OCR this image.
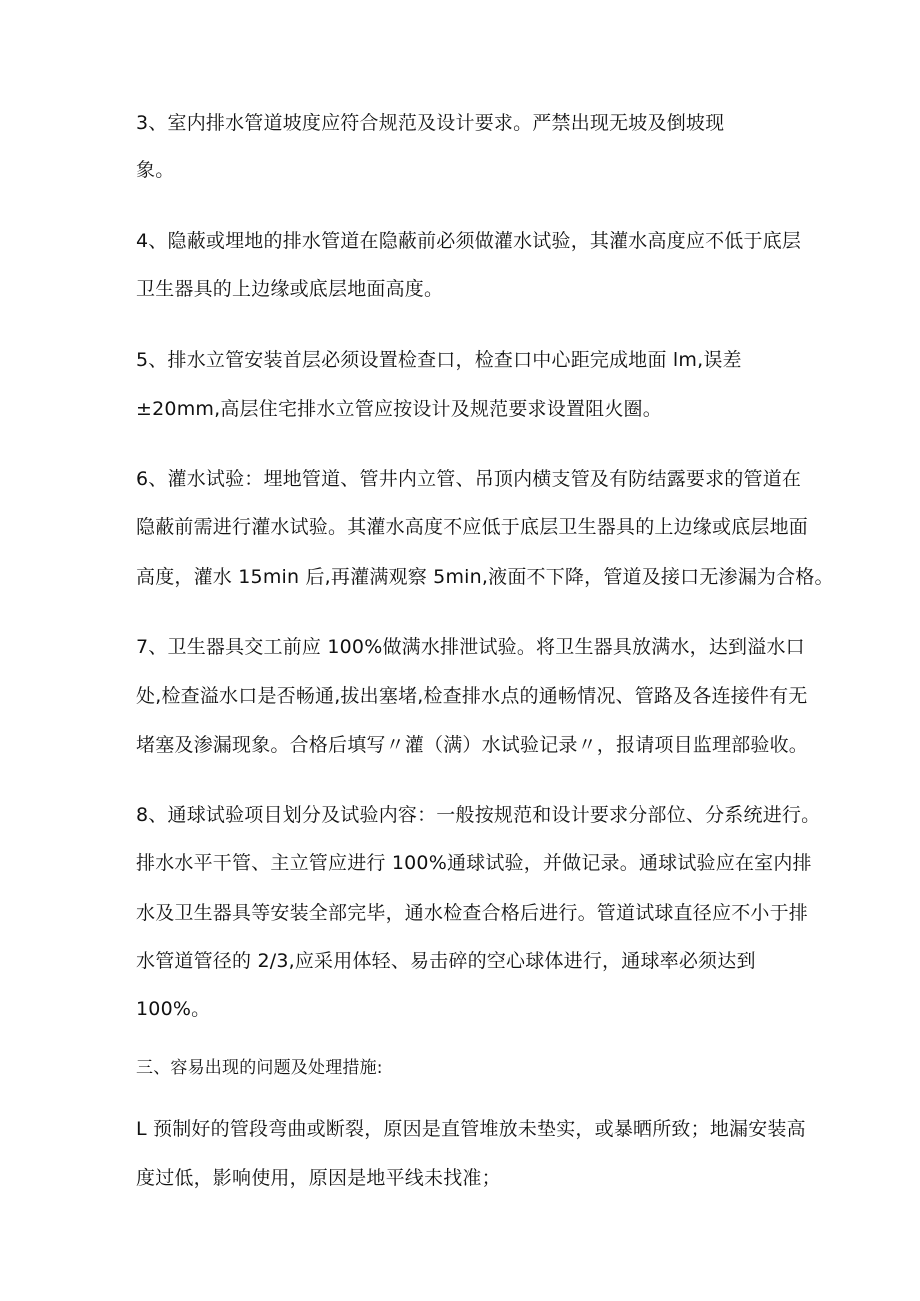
3、室内排水管道坡度应符合规范及设计要求。严禁出现无坡及倒坡现
象。
4、隐蔽或埋地的排水管道在隐蔽前必须做灌水试验，其灌水高度应不低于底层
卫生器具的上边缘或底层地面高度。
5、排水立管安装首层必须设置检查口，检查口中心距完成地面 lm,误差
±20mm,高层住宅排水立管应按设计及规范要求设置阻火圈。
6、灌水试验：埋地管道、管井内立管、吊顶内横支管及有防结露要求的管道在
隐蔽前需进行灌水试验。其灌水高度不应低于底层卫生器具的上边缘或底层地面
高度，灌水 15min 后,再灌满观察 5min,液面不下降，管道及接口无渗漏为合格。
7、卫生器具交工前应 100%做满水排泄试验。将卫生器具放满水，达到溢水口
处,检查溢水口是否畅通,拔出塞堵,检查排水点的通畅情况、管路及各连接件有无
堵塞及渗漏现象。合格后填写〃灌（满）水试验记录〃，报请项目监理部验收。
8、通球试验项目划分及试验内容：一般按规范和设计要求分部位、分系统进行。
排水水平干管、主立管应进行 100%通球试验，并做记录。通球试验应在室内排
水及卫生器具等安装全部完毕，通水检查合格后进行。管道试球直径应不小于排
水管道管径的 2/3,应采用体轻、易击碎的空心球体进行，通球率必须达到
100%。
三、容易出现的问题及处理措施:
L 预制好的管段弯曲或断裂，原因是直管堆放未垫实，或暴晒所致；地漏安装高
度过低，影响使用，原因是地平线未找准；
